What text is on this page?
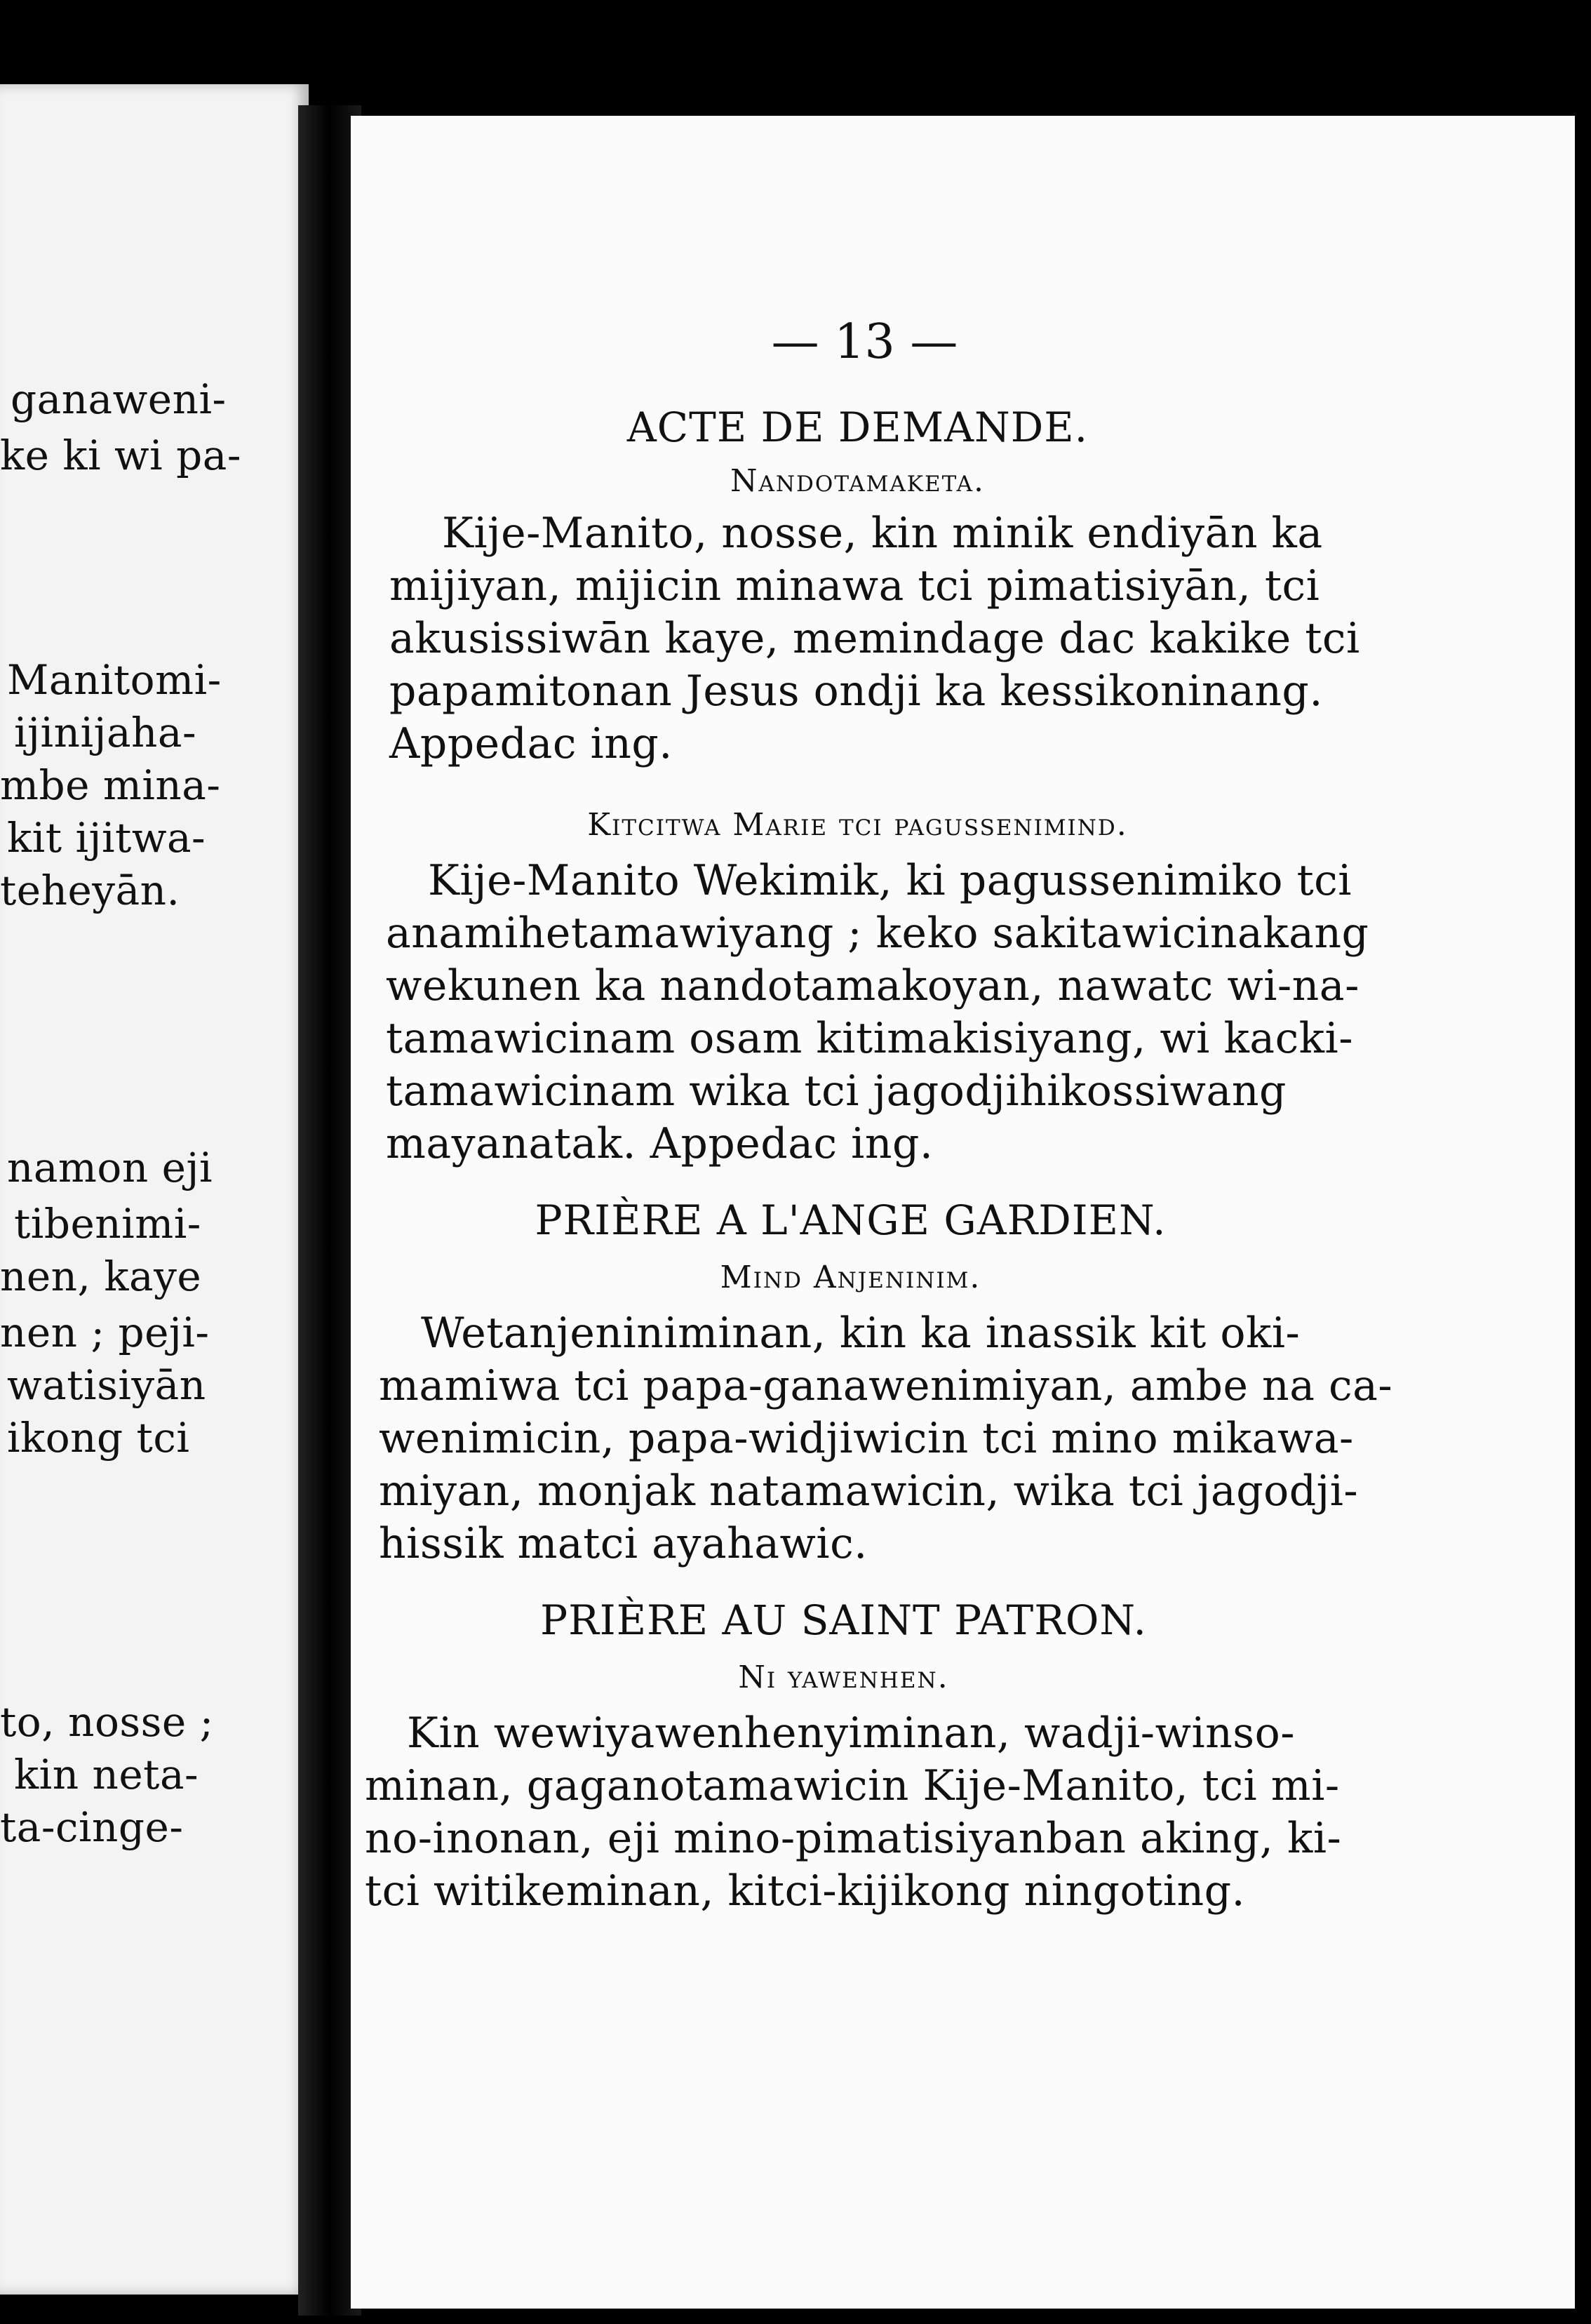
ganaweni-
ke ki wi pa-
Manitomi-
ijinijaha-
mbe mina-
kit ijitwa-
teheyān.
namon eji
tibenimi-
nen, kaye
nen ; peji-
watisiyān
ikong tci
to, nosse ;
kin neta-
ta-cinge-
— 13 —
ACTE DE DEMANDE.
Nandotamaketa.
Kije-Manito, nosse, kin minik endiyān ka
mijiyan, mijicin minawa tci pimatisiyān, tci
akusissiwān kaye, memindage dac kakike tci
papamitonan Jesus ondji ka kessikoninang.
Appedac ing.
Kitcitwa Marie tci pagussenimind.
Kije-Manito Wekimik, ki pagussenimiko tci
anamihetamawiyang ; keko sakitawicinakang
wekunen ka nandotamakoyan, nawatc wi-na-
tamawicinam osam kitimakisiyang, wi kacki-
tamawicinam wika tci jagodjihikossiwang
mayanatak. Appedac ing.
PRIÈRE A L'ANGE GARDIEN.
Mind Anjeninim.
Wetanjeniniminan, kin ka inassik kit oki-
mamiwa tci papa-ganawenimiyan, ambe na ca-
wenimicin, papa-widjiwicin tci mino mikawa-
miyan, monjak natamawicin, wika tci jagodji-
hissik matci ayahawic.
PRIÈRE AU SAINT PATRON.
Ni yawenhen.
Kin wewiyawenhenyiminan, wadji-winso-
minan, gaganotamawicin Kije-Manito, tci mi-
no-inonan, eji mino-pimatisiyanban aking, ki-
tci witikeminan, kitci-kijikong ningoting.
